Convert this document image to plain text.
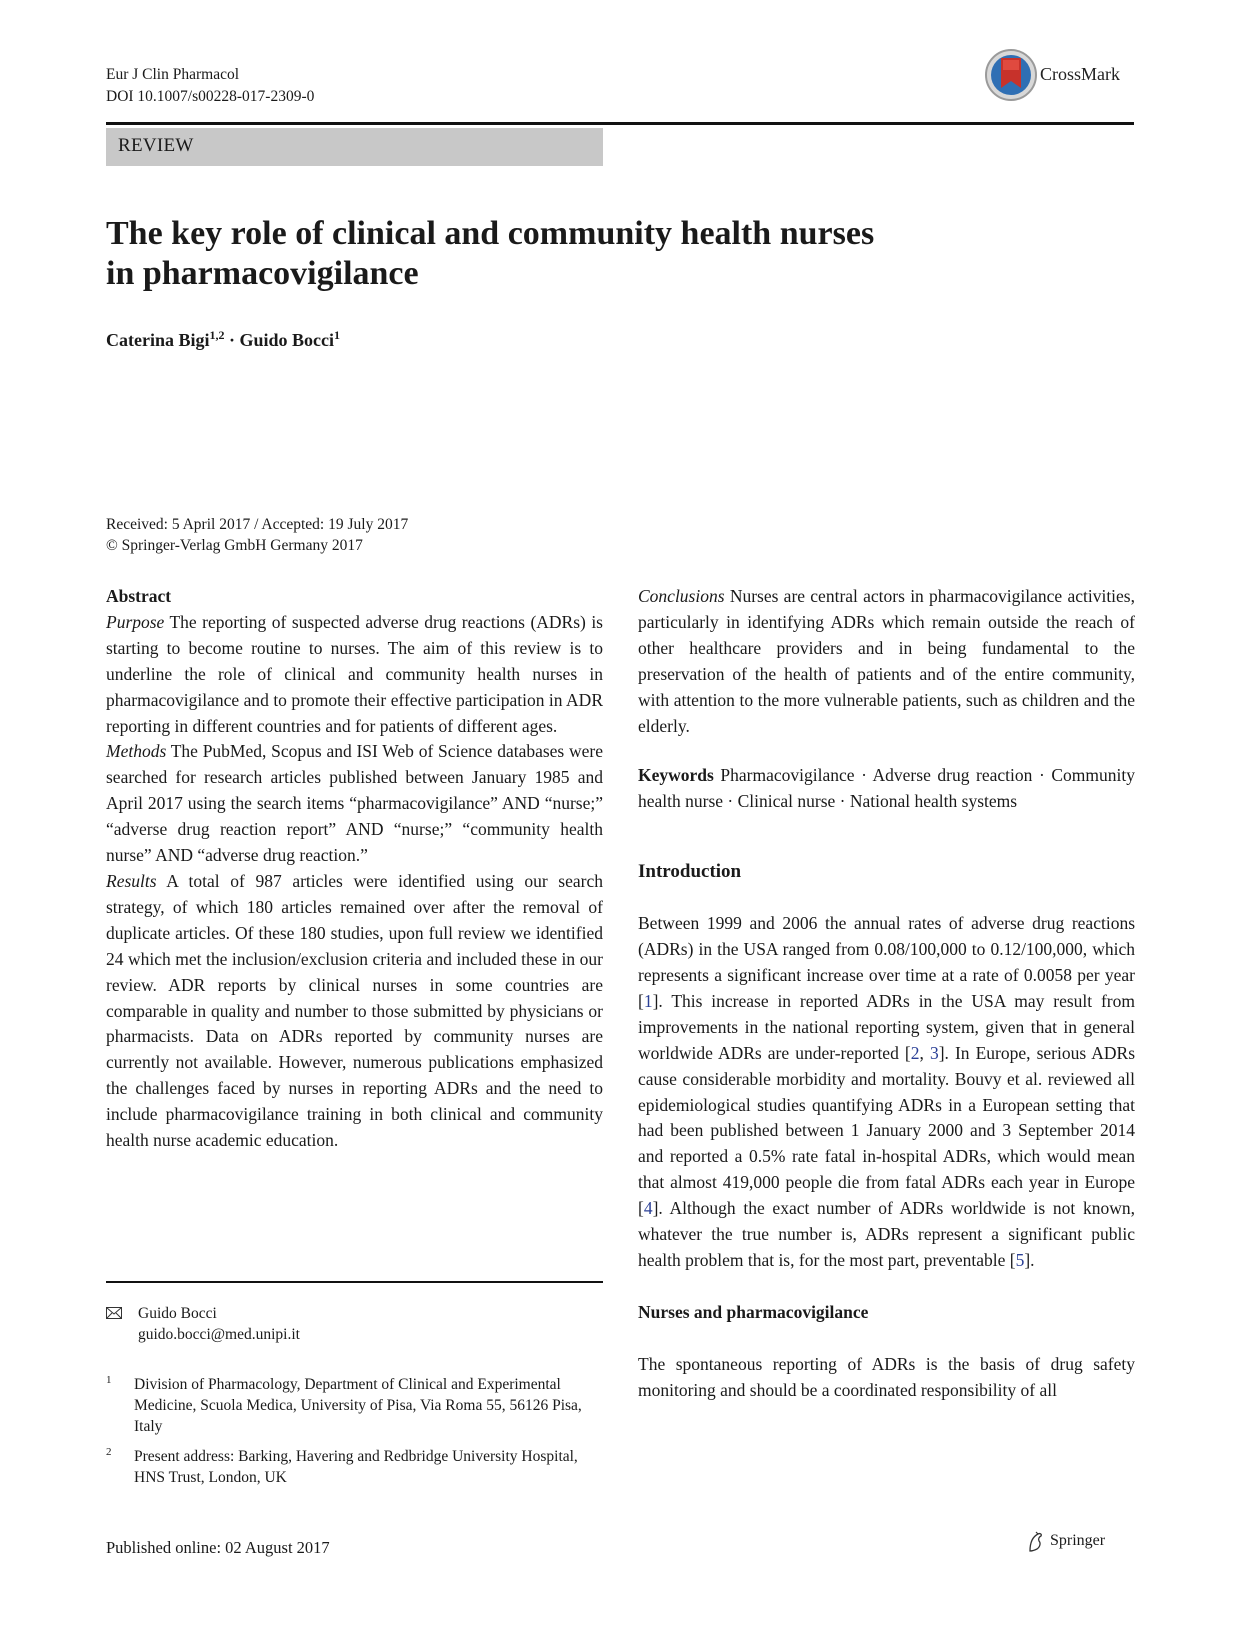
Eur J Clin Pharmacol
DOI 10.1007/s00228-017-2309-0
CrossMark
REVIEW
The key role of clinical and community health nurses
in pharmacovigilance
Caterina Bigi$^{1,2}$ · Guido Bocci$^1$
Received: 5 April 2017 / Accepted: 19 July 2017
© Springer-Verlag GmbH Germany 2017

Abstract

Purpose The reporting of suspected adverse drug reactions (ADRs) is starting to become routine to nurses. The aim of this review is to underline the role of clinical and community health nurses in pharmacovigilance and to promote their effective participation in ADR reporting in different countries and for patients of different ages.

Methods The PubMed, Scopus and ISI Web of Science databases were searched for research articles published between January 1985 and April 2017 using the search items “pharmacovigilance” AND “nurse;” “adverse drug reaction report” AND “nurse;” “community health nurse” AND “adverse drug reaction.”

Results A total of 987 articles were identified using our search strategy, of which 180 articles remained over after the removal of duplicate articles. Of these 180 studies, upon full review we identified 24 which met the inclusion/exclusion criteria and included these in our review. ADR reports by clinical nurses in some countries are comparable in quality and number to those submitted by physicians or pharmacists. Data on ADRs reported by community nurses are currently not available. However, numerous publications emphasized the challenges faced by nurses in reporting ADRs and the need to include pharmacovigilance training in both clinical and community health nurse academic education.

Conclusions Nurses are central actors in pharmacovigilance activities, particularly in identifying ADRs which remain outside the reach of other healthcare providers and in being fundamental to the preservation of the health of patients and of the entire community, with attention to the more vulnerable patients, such as children and the elderly.

Keywords Pharmacovigilance · Adverse drug reaction · Community health nurse · Clinical nurse · National health systems

Introduction

Between 1999 and 2006 the annual rates of adverse drug reactions (ADRs) in the USA ranged from 0.08/100,000 to 0.12/100,000, which represents a significant increase over time at a rate of 0.0058 per year [1]. This increase in reported ADRs in the USA may result from improvements in the national reporting system, given that in general worldwide ADRs are under-reported [2, 3]. In Europe, serious ADRs cause considerable morbidity and mortality. Bouvy et al. reviewed all epidemiological studies quantifying ADRs in a European setting that had been published between 1 January 2000 and 3 September 2014 and reported a 0.5% rate fatal in-hospital ADRs, which would mean that almost 419,000 people die from fatal ADRs each year in Europe [4]. Although the exact number of ADRs worldwide is not known, whatever the true number is, ADRs represent a significant public health problem that is, for the most part, preventable [5].

Nurses and pharmacovigilance

The spontaneous reporting of ADRs is the basis of drug safety monitoring and should be a coordinated responsibility of all

Guido Bocci
guido.bocci@med.unipi.it
1 Division of Pharmacology, Department of Clinical and Experimental Medicine, Scuola Medica, University of Pisa, Via Roma 55, 56126 Pisa, Italy
2 Present address: Barking, Havering and Redbridge University Hospital, HNS Trust, London, UK
Published online: 02 August 2017	Springer
